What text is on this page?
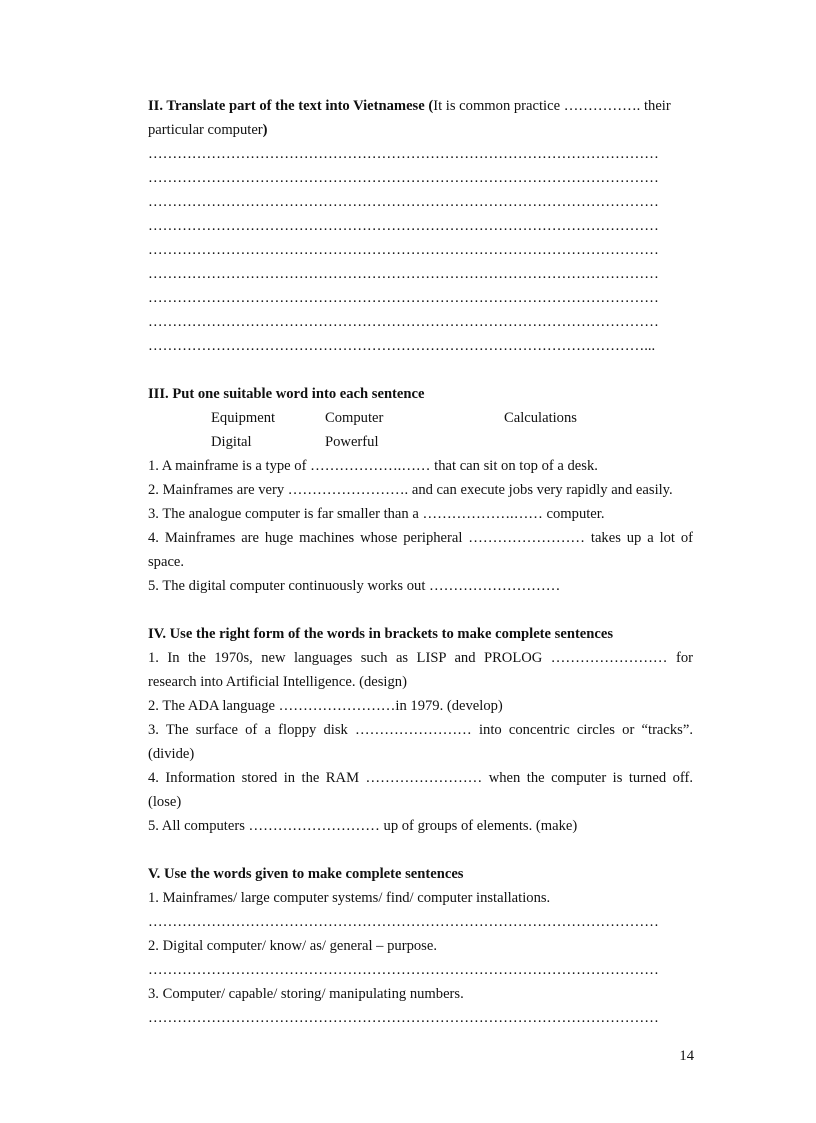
II. Translate part of the text into Vietnamese (It is common practice ……………. their
particular computer)
……………………………………………………………………………………………
……………………………………………………………………………………………
……………………………………………………………………………………………
……………………………………………………………………………………………
……………………………………………………………………………………………
……………………………………………………………………………………………
……………………………………………………………………………………………
……………………………………………………………………………………………
…………………………………………………………………………………………...
III. Put one suitable word into each sentence
Equipment	Computer	Calculations
Digital	Powerful
1. A mainframe is a type of ……………….…… that can sit on top of a desk.
2. Mainframes are very ……………………. and can execute jobs very rapidly and easily.
3. The analogue computer is far smaller than a ……………….…… computer.
4. Mainframes are huge machines whose peripheral …………………… takes up a lot of
space.
5. The digital computer continuously works out ………………………
IV. Use the right form of the words in brackets to make complete sentences
1. In the 1970s, new languages such as LISP and PROLOG …………………… for
research into Artificial Intelligence. (design)
2. The ADA language ……………………in 1979. (develop)
3. The surface of a floppy disk …………………… into concentric circles or “tracks”.
(divide)
4. Information stored in the RAM …………………… when the computer is turned off.
(lose)
5. All computers ……………………… up of groups of elements. (make)
V. Use the words given to make complete sentences
1. Mainframes/ large computer systems/ find/ computer installations.
……………………………………………………………………………………………
2. Digital computer/ know/ as/ general – purpose.
……………………………………………………………………………………………
3. Computer/ capable/ storing/ manipulating numbers.
……………………………………………………………………………………………
14
